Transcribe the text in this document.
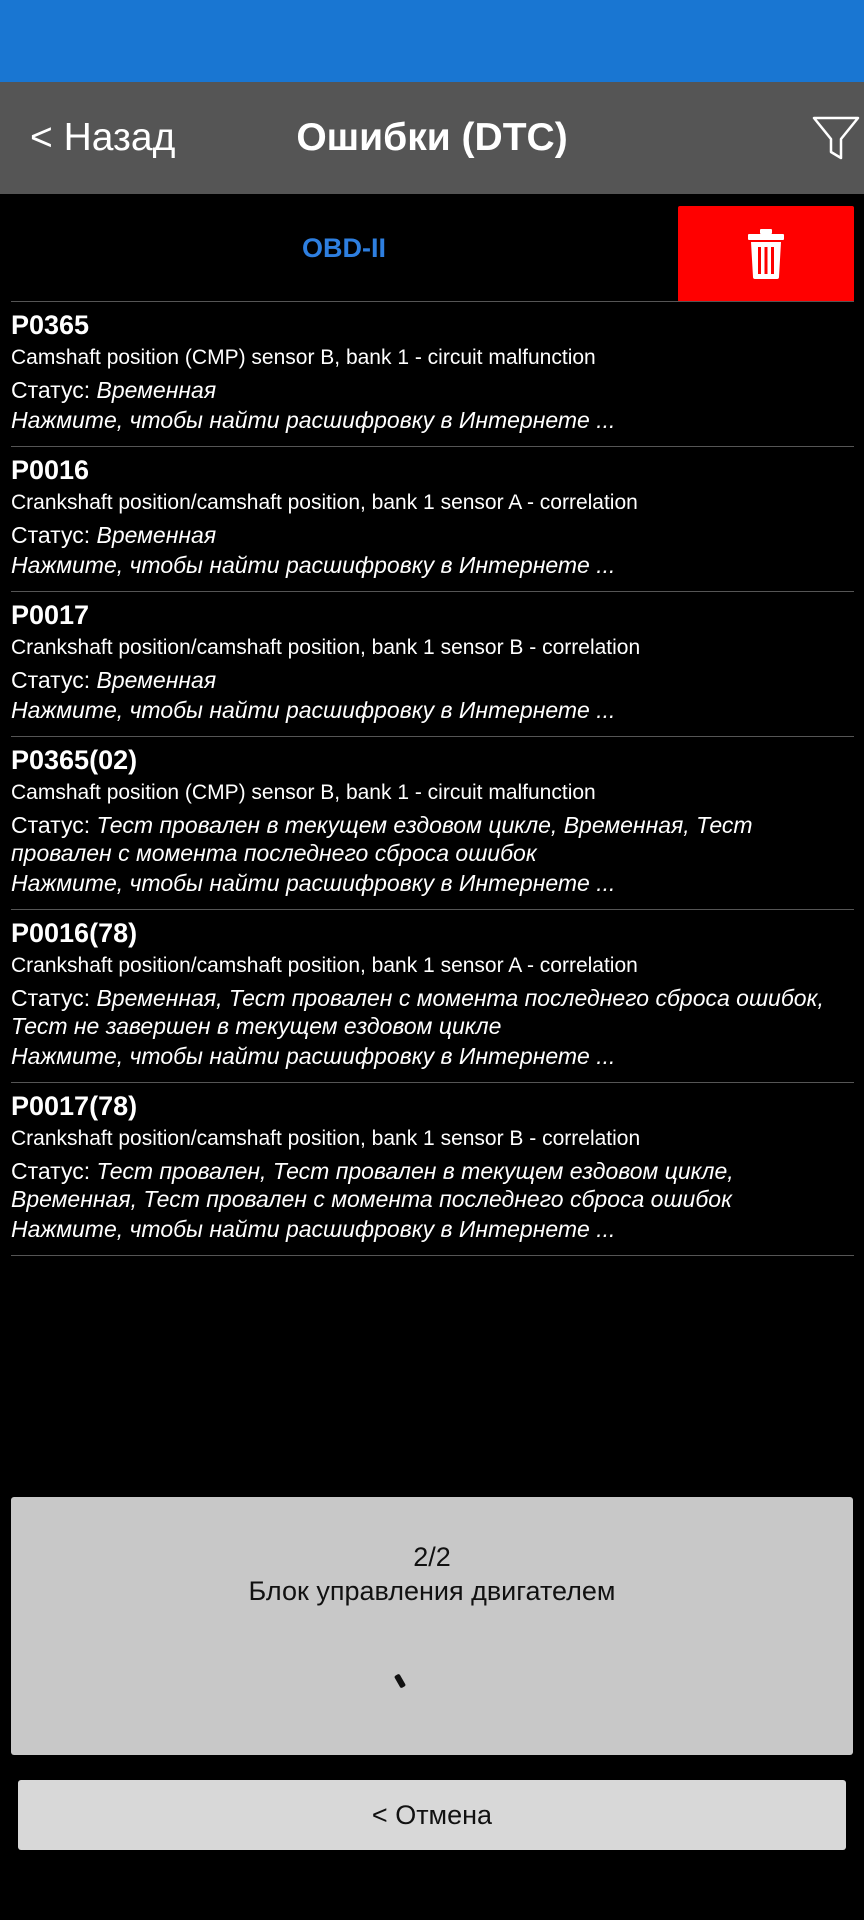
< Назад	Ошибки (DTC)
OBD-II
P0365
Camshaft position (CMP) sensor B, bank 1 - circuit malfunction
Статус: Временная
Нажмите, чтобы найти расшифровку в Интернете ...
P0016
Crankshaft position/camshaft position, bank 1 sensor A - correlation
Статус: Временная
Нажмите, чтобы найти расшифровку в Интернете ...
P0017
Crankshaft position/camshaft position, bank 1 sensor B - correlation
Статус: Временная
Нажмите, чтобы найти расшифровку в Интернете ...
P0365(02)
Camshaft position (CMP) sensor B, bank 1 - circuit malfunction
Статус: Тест провален в текущем ездовом цикле, Временная, Тест провален с момента последнего сброса ошибок
Нажмите, чтобы найти расшифровку в Интернете ...
P0016(78)
Crankshaft position/camshaft position, bank 1 sensor A - correlation
Статус: Временная, Тест провален с момента последнего сброса ошибок, Тест не завершен в текущем ездовом цикле
Нажмите, чтобы найти расшифровку в Интернете ...
P0017(78)
Crankshaft position/camshaft position, bank 1 sensor B - correlation
Статус: Тест провален, Тест провален в текущем ездовом цикле, Временная, Тест провален с момента последнего сброса ошибок
Нажмите, чтобы найти расшифровку в Интернете ...
2/2
Блок управления двигателем
< Отмена
